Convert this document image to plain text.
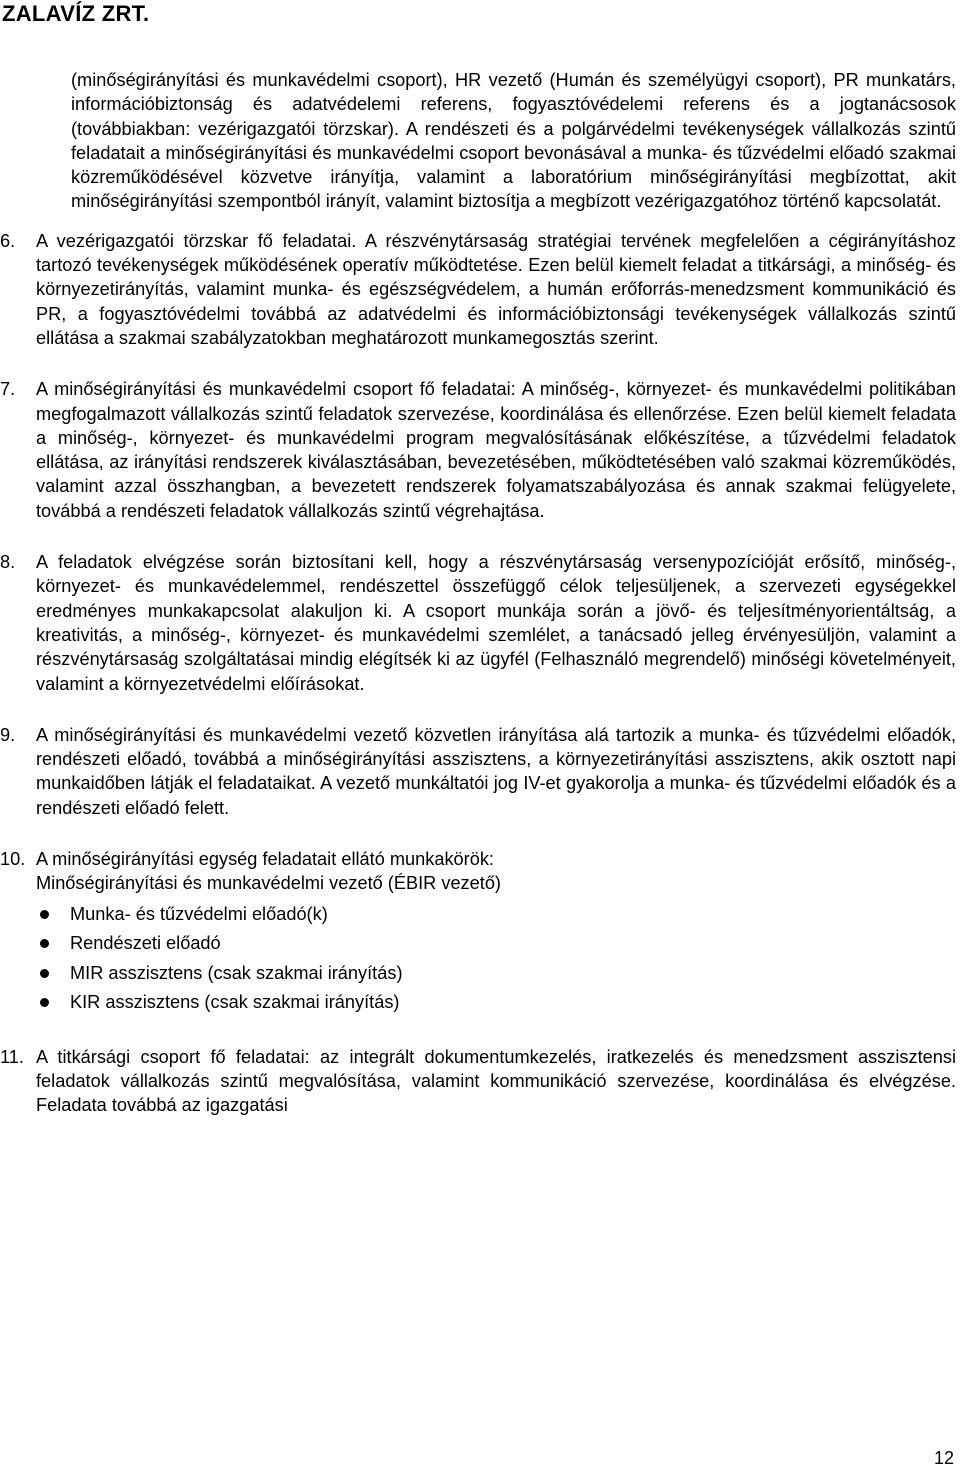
ZALAVÍZ ZRT.

(minőségirányítási és munkavédelmi csoport), HR vezető (Humán és személyügyi csoport), PR munkatárs, információbiztonság és adatvédelemi referens, fogyasztóvédelemi referens és a jogtanácsosok (továbbiakban: vezérigazgatói törzskar). A rendészeti és a polgárvédelmi tevékenységek vállalkozás szintű feladatait a minőségirányítási és munkavédelmi csoport bevonásával a munka- és tűzvédelmi előadó szakmai közreműködésével közvetve irányítja, valamint a laboratórium minőségirányítási megbízottat, akit minőségirányítási szempontból irányít, valamint biztosítja a megbízott vezérigazgatóhoz történő kapcsolatát.

6.	A vezérigazgatói törzskar fő feladatai. A részvénytársaság stratégiai tervének megfelelően a cégirányításhoz tartozó tevékenységek működésének operatív működtetése. Ezen belül kiemelt feladat a titkársági, a minőség- és környezetirányítás, valamint munka- és egészségvédelem, a humán erőforrás-menedzsment kommunikáció és PR, a fogyasztóvédelmi továbbá az adatvédelmi és információbiztonsági tevékenységek vállalkozás szintű ellátása a szakmai szabályzatokban meghatározott munkamegosztás szerint.

7.	A minőségirányítási és munkavédelmi csoport fő feladatai: A minőség-, környezet- és munkavédelmi politikában megfogalmazott vállalkozás szintű feladatok szervezése, koordinálása és ellenőrzése. Ezen belül kiemelt feladata a minőség-, környezet- és munkavédelmi program megvalósításának előkészítése, a tűzvédelmi feladatok ellátása, az irányítási rendszerek kiválasztásában, bevezetésében, működtetésében való szakmai közreműködés, valamint azzal összhangban, a bevezetett rendszerek folyamatszabályozása és annak szakmai felügyelete, továbbá a rendészeti feladatok vállalkozás szintű végrehajtása.

8.	A feladatok elvégzése során biztosítani kell, hogy a részvénytársaság versenypozícióját erősítő, minőség-, környezet- és munkavédelemmel, rendészettel összefüggő célok teljesüljenek, a szervezeti egységekkel eredményes munkakapcsolat alakuljon ki. A csoport munkája során a jövő- és teljesítményorientáltság, a kreativitás, a minőség-, környezet- és munkavédelmi szemlélet, a tanácsadó jelleg érvényesüljön, valamint a részvénytársaság szolgáltatásai mindig elégítsék ki az ügyfél (Felhasználó megrendelő) minőségi követelményeit, valamint a környezetvédelmi előírásokat.

9.	A minőségirányítási és munkavédelmi vezető közvetlen irányítása alá tartozik a munka- és tűzvédelmi előadók, rendészeti előadó, továbbá a minőségirányítási asszisztens, a környezetirányítási asszisztens, akik osztott napi munkaidőben látják el feladataikat. A vezető munkáltatói jog IV-et gyakorolja a munka- és tűzvédelmi előadók és a rendészeti előadó felett.

10. A minőségirányítási egység feladatait ellátó munkakörök:

Minőségirányítási és munkavédelmi vezető (ÉBIR vezető)

Munka- és tűzvédelmi előadó(k)
Rendészeti előadó
MIR asszisztens (csak szakmai irányítás)
KIR asszisztens (csak szakmai irányítás)
11. A titkársági csoport fő feladatai: az integrált dokumentumkezelés, iratkezelés és menedzsment asszisztensi feladatok vállalkozás szintű megvalósítása, valamint kommunikáció szervezése, koordinálása és elvégzése. Feladata továbbá az igazgatási

12
